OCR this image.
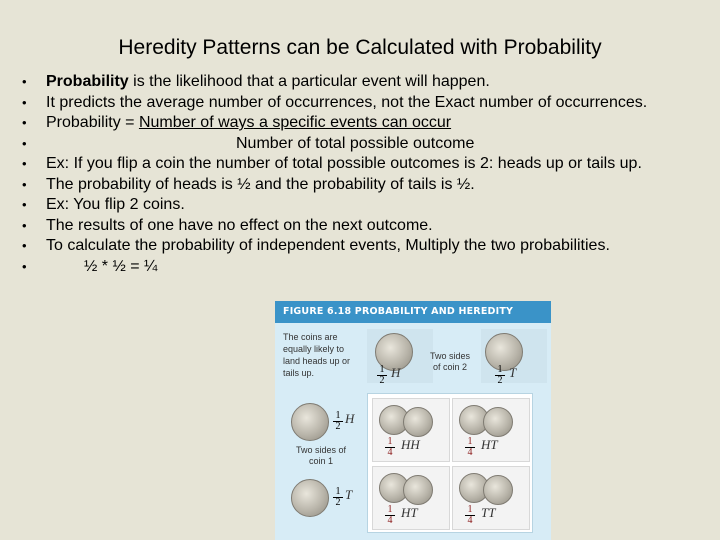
Heredity Patterns can be Calculated with Probability
• Probability is the likelihood that a particular event will happen.
• It predicts the average number of occurrences, not the Exact number of occurrences.
• Probability = Number of ways a specific events can occur
• Number of total possible outcome
• Ex: If you flip a coin the number of total possible outcomes is 2: heads up or tails up.
• The probability of heads is ½ and the probability of tails is ½.
• Ex: You flip 2 coins.
• The results of one have no effect on the next outcome.
• To calculate the probability of independent events, Multiply the two probabilities.
• ½ * ½ = ¼
FIGURE 6.18 PROBABILITY AND HEREDITY
The coins are equally likely to land heads up or tails up.	$\frac{1}{2}$ H
Two sides of coin 2	$\frac{1}{2}$ T
$\frac{1}{2}$ H
Two sides of coin 1
$\frac{1}{2}$ T
$\frac{1}{4}$ HH	$\frac{1}{4}$ HT
$\frac{1}{4}$ HT	$\frac{1}{4}$ TT
